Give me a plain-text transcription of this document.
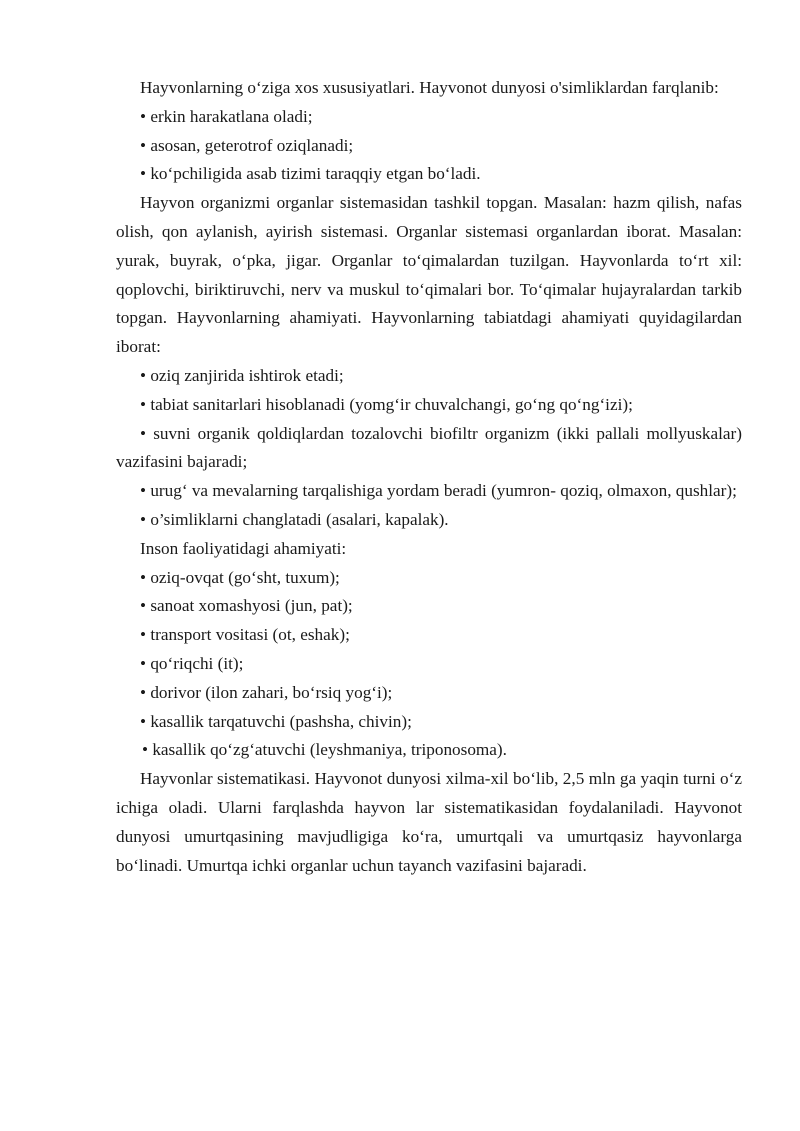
Hayvonlarning o‘ziga xos xususiyatlari. Hayvonot dunyosi o'simliklardan farqlanib:

• erkin harakatlana oladi;

• asosan, geterotrof oziqlanadi;

• ko‘pchiligida asab tizimi taraqqiy etgan bo‘ladi.

Hayvon organizmi organlar sistemasidan tashkil topgan. Masalan: hazm qilish, nafas olish, qon aylanish, ayirish sistemasi. Organlar sistemasi organlardan iborat. Masalan: yurak, buyrak, o‘pka, jigar. Organlar to‘qimalardan tuzilgan. Hayvonlarda to‘rt xil: qoplovchi, biriktiruvchi, nerv va muskul to‘qimalari bor. To‘qimalar hujayralardan tarkib topgan. Hayvonlarning ahamiyati. Hayvonlarning tabiatdagi ahamiyati quyidagilardan iborat:

• oziq zanjirida ishtirok etadi;

• tabiat sanitarlari hisoblanadi (yomg‘ir chuvalchangi, go‘ng qo‘ng‘izi);

• suvni organik qoldiqlardan tozalovchi biofiltr organizm (ikki pallali mollyuskalar) vazifasini bajaradi;

• urug‘ va mevalarning tarqalishiga yordam beradi (yumron- qoziq, olmaxon, qushlar);

• o’simliklarni changlatadi (asalari, kapalak).

Inson faoliyatidagi ahamiyati:

• oziq-ovqat (go‘sht, tuxum);

• sanoat xomashyosi (jun, pat);

• transport vositasi (ot, eshak);

• qo‘riqchi (it);

• dorivor (ilon zahari, bo‘rsiq yog‘i);

• kasallik tarqatuvchi (pashsha, chivin);

• kasallik qo‘zg‘atuvchi (leyshmaniya, triponosoma).

Hayvonlar sistematikasi. Hayvonot dunyosi xilma-xil bo‘lib, 2,5 mln ga yaqin turni o‘z ichiga oladi. Ularni farqlashda hayvon lar sistematikasidan foydalaniladi. Hayvonot dunyosi umurtqasining mavjudligiga ko‘ra, umurtqali va umurtqasiz hayvonlarga bo‘linadi. Umurtqa ichki organlar uchun tayanch vazifasini bajaradi.
